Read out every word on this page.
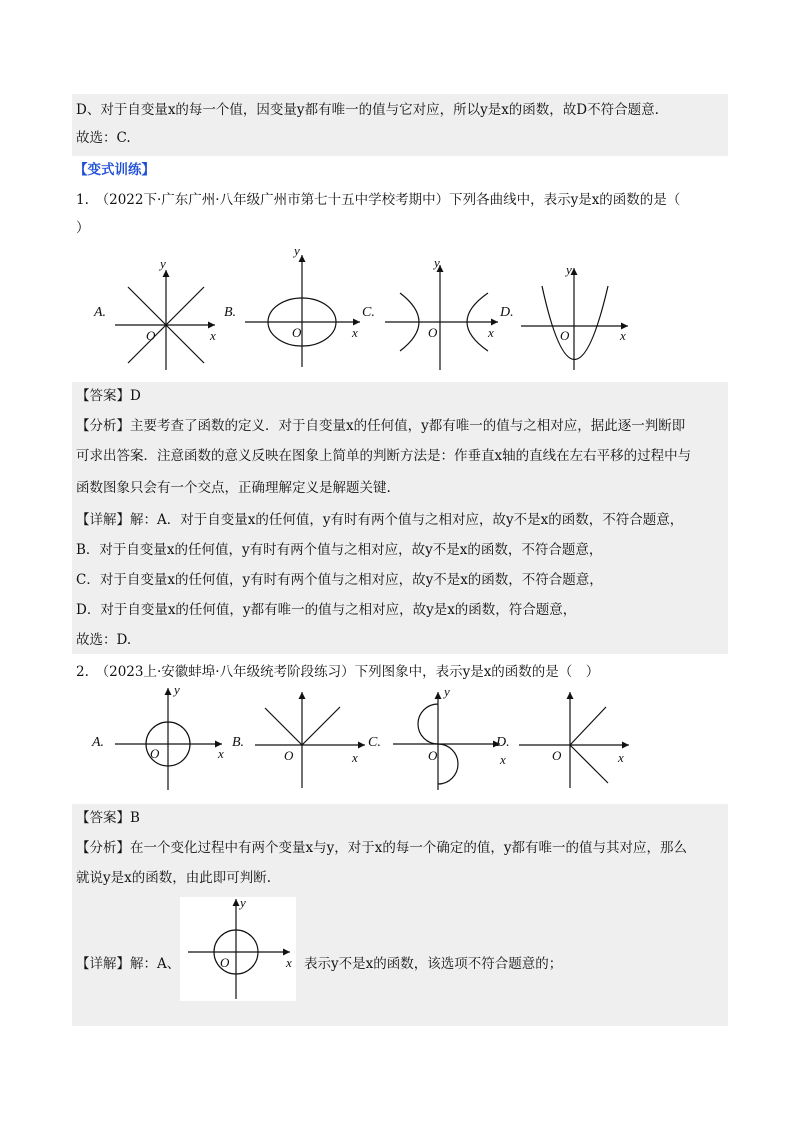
D、对于自变量x的每一个值，因变量y都有唯一的值与它对应，所以y是x的函数，故D不符合题意.
故选：C.
【变式训练】
1.　（2022下·广东广州·八年级广州市第七十五中学校考期中）下列各曲线中，表示y是x的函数的是（
）
A.
y
x
O
B.
y
x
O
C.
y
x
O
D.
y
x
O
【答案】D
【分析】主要考查了函数的定义．对于自变量x的任何值，y都有唯一的值与之相对应，据此逐一判断即
可求出答案．注意函数的意义反映在图象上简单的判断方法是：作垂直x轴的直线在左右平移的过程中与
函数图象只会有一个交点，正确理解定义是解题关键.
【详解】解：A．对于自变量x的任何值，y有时有两个值与之相对应，故y不是x的函数，不符合题意，
B．对于自变量x的任何值，y有时有两个值与之相对应，故y不是x的函数，不符合题意，
C．对于自变量x的任何值，y有时有两个值与之相对应，故y不是x的函数，不符合题意，
D．对于自变量x的任何值，y都有唯一的值与之相对应，故y是x的函数，符合题意，
故选：D.
2.　（2023上·安徽蚌埠·八年级统考阶段练习）下列图象中，表示y是x的函数的是（　）
A.
y
x
O
B.
O	x
C.
y
x
O
D.
O	x
【答案】B
【分析】在一个变化过程中有两个变量x与y，对于x的每一个确定的值，y都有唯一的值与其对应，那么
就说y是x的函数，由此即可判断.
【详解】解：A、
y
x
O	表示y不是x的函数，该选项不符合题意的；
